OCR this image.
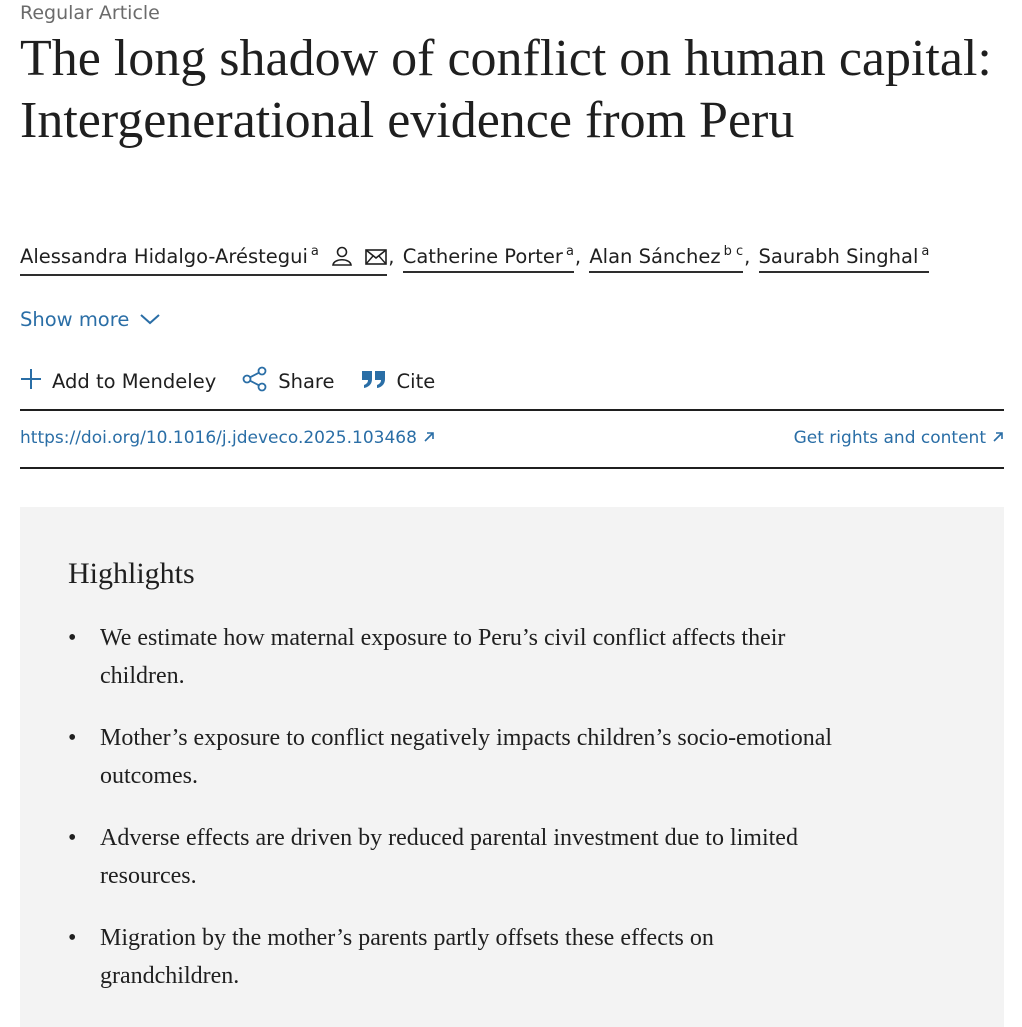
Regular Article
The long shadow of conflict on human capital: Intergenerational evidence from Peru
Alessandra Hidalgo-Aréstegui $^a$	, Catherine Porter $^a$, Alan Sánchez $^{b c}$, Saurabh Singhal $^a$
Show more
Add to Mendeley	Share	Cite
https://doi.org/10.1016/j.jdeveco.2025.103468	Get rights and content
Highlights
• We estimate how maternal exposure to Peru’s civil conflict affects their children.
• Mother’s exposure to conflict negatively impacts children’s socio-emotional outcomes.
• Adverse effects are driven by reduced parental investment due to limited resources.
• Migration by the mother’s parents partly offsets these effects on grandchildren.
